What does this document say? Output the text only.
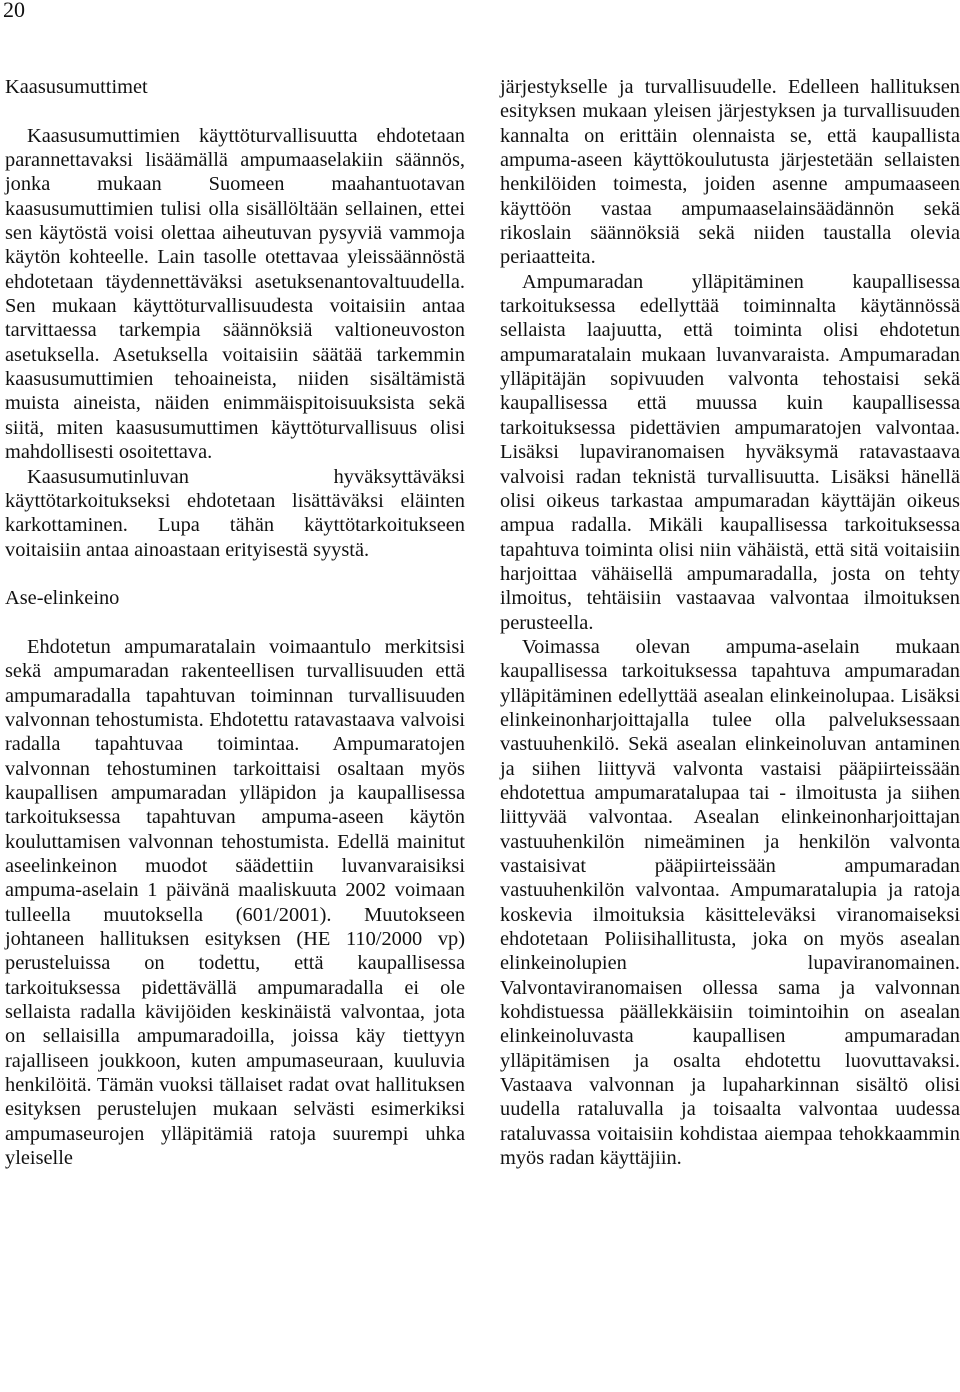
20
Kaasusumuttimet

Kaasusumuttimien käyttöturvallisuutta ehdotetaan parannettavaksi lisäämällä ampumaaselakiin säännös, jonka mukaan Suomeen maahantuotavan kaasusumuttimien tulisi olla sisällöltään sellainen, ettei sen käytöstä voisi olettaa aiheutuvan pysyviä vammoja käytön kohteelle. Lain tasolle otettavaa yleissäännöstä ehdotetaan täydennettäväksi asetuksenantovaltuudella. Sen mukaan käyttöturvallisuudesta voitaisiin antaa tarvittaessa tarkempia säännöksiä valtioneuvoston asetuksella. Asetuksella voitaisiin säätää tarkemmin kaasusumuttimien tehoaineista, niiden sisältämistä muista aineista, näiden enimmäispitoisuuksista sekä siitä, miten kaasusumuttimen käyttöturvallisuus olisi mahdollisesti osoitettava.

Kaasusumutinluvan hyväksyttäväksi käyttötarkoitukseksi ehdotetaan lisättäväksi eläinten karkottaminen. Lupa tähän käyttötarkoitukseen voitaisiin antaa ainoastaan erityisestä syystä.

Ase-elinkeino

Ehdotetun ampumaratalain voimaantulo merkitsisi sekä ampumaradan rakenteellisen turvallisuuden että ampumaradalla tapahtuvan toiminnan turvallisuuden valvonnan tehostumista. Ehdotettu ratavastaava valvoisi radalla tapahtuvaa toimintaa. Ampumaratojen valvonnan tehostuminen tarkoittaisi osaltaan myös kaupallisen ampumaradan ylläpidon ja kaupallisessa tarkoituksessa tapahtuvan ampuma-aseen käytön kouluttamisen valvonnan tehostumista. Edellä mainitut aseelinkeinon muodot säädettiin luvanvaraisiksi ampuma-aselain 1 päivänä maaliskuuta 2002 voimaan tulleella muutoksella (601/2001). Muutokseen johtaneen hallituksen esityksen (HE 110/2000 vp) perusteluissa on todettu, että kaupallisessa tarkoituksessa pidettävällä ampumaradalla ei ole sellaista radalla kävijöiden keskinäistä valvontaa, jota on sellaisilla ampumaradoilla, joissa käy tiettyyn rajalliseen joukkoon, kuten ampumaseuraan, kuuluvia henkilöitä. Tämän vuoksi tällaiset radat ovat hallituksen esityksen perustelujen mukaan selvästi esimerkiksi ampumaseurojen ylläpitämiä ratoja suurempi uhka yleiselle

järjestykselle ja turvallisuudelle. Edelleen hallituksen esityksen mukaan yleisen järjestyksen ja turvallisuuden kannalta on erittäin olennaista se, että kaupallista ampuma-aseen käyttökoulutusta järjestetään sellaisten henkilöiden toimesta, joiden asenne ampumaaseen käyttöön vastaa ampumaaselainsäädännön sekä rikoslain säännöksiä sekä niiden taustalla olevia periaatteita.

Ampumaradan ylläpitäminen kaupallisessa tarkoituksessa edellyttää toiminnalta käytännössä sellaista laajuutta, että toiminta olisi ehdotetun ampumaratalain mukaan luvanvaraista. Ampumaradan ylläpitäjän sopivuuden valvonta tehostaisi sekä kaupallisessa että muussa kuin kaupallisessa tarkoituksessa pidettävien ampumaratojen valvontaa. Lisäksi lupaviranomaisen hyväksymä ratavastaava valvoisi radan teknistä turvallisuutta. Lisäksi hänellä olisi oikeus tarkastaa ampumaradan käyttäjän oikeus ampua radalla. Mikäli kaupallisessa tarkoituksessa tapahtuva toiminta olisi niin vähäistä, että sitä voitaisiin harjoittaa vähäisellä ampumaradalla, josta on tehty ilmoitus, tehtäisiin vastaavaa valvontaa ilmoituksen perusteella.

Voimassa olevan ampuma-aselain mukaan kaupallisessa tarkoituksessa tapahtuva ampumaradan ylläpitäminen edellyttää asealan elinkeinolupaa. Lisäksi elinkeinonharjoittajalla tulee olla palveluksessaan vastuuhenkilö. Sekä asealan elinkeinoluvan antaminen ja siihen liittyvä valvonta vastaisi pääpiirteissään ehdotettua ampumaratalupaa tai - ilmoitusta ja siihen liittyvää valvontaa. Asealan elinkeinonharjoittajan vastuuhenkilön nimeäminen ja henkilön valvonta vastaisivat pääpiirteissään ampumaradan vastuuhenkilön valvontaa. Ampumaratalupia ja ratoja koskevia ilmoituksia käsitteleväksi viranomaiseksi ehdotetaan Poliisihallitusta, joka on myös asealan elinkeinolupien lupaviranomainen. Valvontaviranomaisen ollessa sama ja valvonnan kohdistuessa päällekkäisiin toimintoihin on asealan elinkeinoluvasta kaupallisen ampumaradan ylläpitämisen ja osalta ehdotettu luovuttavaksi. Vastaava valvonnan ja lupaharkinnan sisältö olisi uudella rataluvalla ja toisaalta valvontaa uudessa rataluvassa voitaisiin kohdistaa aiempaa tehokkaammin myös radan käyttäjiin.
